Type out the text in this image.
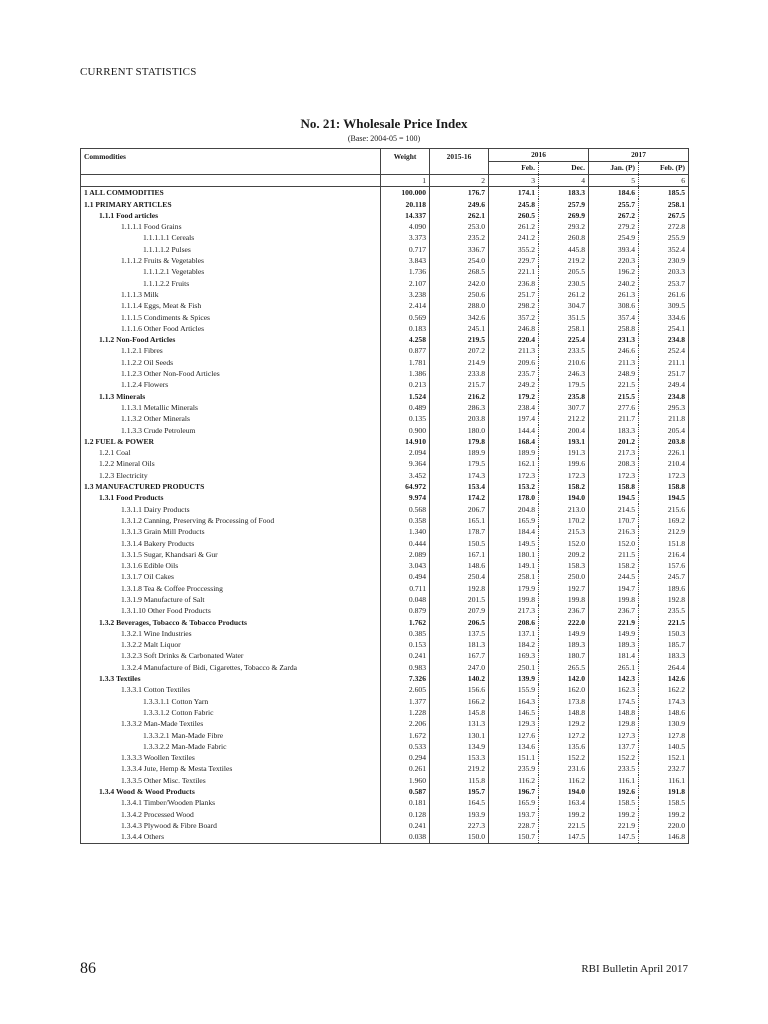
CURRENT STATISTICS
No. 21: Wholesale Price Index
(Base: 2004-05 = 100)
Commodities	Weight	2015-16	2016		2017	
			Feb.	Dec.	Jan. (P)	Feb. (P)
	1	2	3	4	5	6
1 ALL COMMODITIES	100.000	176.7	174.1	183.3	184.6	185.5
1.1 PRIMARY ARTICLES	20.118	249.6	245.8	257.9	255.7	258.1
1.1.1 Food articles	14.337	262.1	260.5	269.9	267.2	267.5
1.1.1.1 Food Grains	4.090	253.0	261.2	293.2	279.2	272.8
1.1.1.1.1 Cereals	3.373	235.2	241.2	260.8	254.9	255.9
1.1.1.1.2 Pulses	0.717	336.7	355.2	445.8	393.4	352.4
1.1.1.2 Fruits & Vegetables	3.843	254.0	229.7	219.2	220.3	230.9
1.1.1.2.1 Vegetables	1.736	268.5	221.1	205.5	196.2	203.3
1.1.1.2.2 Fruits	2.107	242.0	236.8	230.5	240.2	253.7
1.1.1.3 Milk	3.238	250.6	251.7	261.2	261.3	261.6
1.1.1.4 Eggs, Meat & Fish	2.414	288.0	298.2	304.7	308.6	309.5
1.1.1.5 Condiments & Spices	0.569	342.6	357.2	351.5	357.4	334.6
1.1.1.6 Other Food Articles	0.183	245.1	246.8	258.1	258.8	254.1
1.1.2 Non-Food Articles	4.258	219.5	220.4	225.4	231.3	234.8
1.1.2.1 Fibres	0.877	207.2	211.3	233.5	246.6	252.4
1.1.2.2 Oil Seeds	1.781	214.9	209.6	210.6	211.3	211.1
1.1.2.3 Other Non-Food Articles	1.386	233.8	235.7	246.3	248.9	251.7
1.1.2.4 Flowers	0.213	215.7	249.2	179.5	221.5	249.4
1.1.3 Minerals	1.524	216.2	179.2	235.8	215.5	234.8
1.1.3.1 Metallic Minerals	0.489	286.3	238.4	307.7	277.6	295.3
1.1.3.2 Other Minerals	0.135	203.8	197.4	212.2	211.7	211.8
1.1.3.3 Crude Petroleum	0.900	180.0	144.4	200.4	183.3	205.4
1.2 FUEL & POWER	14.910	179.8	168.4	193.1	201.2	203.8
1.2.1 Coal	2.094	189.9	189.9	191.3	217.3	226.1
1.2.2 Mineral Oils	9.364	179.5	162.1	199.6	208.3	210.4
1.2.3 Electricity	3.452	174.3	172.3	172.3	172.3	172.3
1.3 MANUFACTURED PRODUCTS	64.972	153.4	153.2	158.2	158.8	158.8
1.3.1 Food Products	9.974	174.2	178.0	194.0	194.5	194.5
1.3.1.1 Dairy Products	0.568	206.7	204.8	213.0	214.5	215.6
1.3.1.2 Canning, Preserving & Processing of Food	0.358	165.1	165.9	170.2	170.7	169.2
1.3.1.3 Grain Mill Products	1.340	178.7	184.4	215.3	216.3	212.9
1.3.1.4 Bakery Products	0.444	150.5	149.5	152.0	152.0	151.8
1.3.1.5 Sugar, Khandsari & Gur	2.089	167.1	180.1	209.2	211.5	216.4
1.3.1.6 Edible Oils	3.043	148.6	149.1	158.3	158.2	157.6
1.3.1.7 Oil Cakes	0.494	250.4	258.1	250.0	244.5	245.7
1.3.1.8 Tea & Coffee Proccessing	0.711	192.8	179.9	192.7	194.7	189.6
1.3.1.9 Manufacture of Salt	0.048	201.5	199.8	199.8	199.8	192.8
1.3.1.10 Other Food Products	0.879	207.9	217.3	236.7	236.7	235.5
1.3.2 Beverages, Tobacco & Tobacco Products	1.762	206.5	208.6	222.0	221.9	221.5
1.3.2.1 Wine Industries	0.385	137.5	137.1	149.9	149.9	150.3
1.3.2.2 Malt Liquor	0.153	181.3	184.2	189.3	189.3	185.7
1.3.2.3 Soft Drinks & Carbonated Water	0.241	167.7	169.3	180.7	181.4	183.3
1.3.2.4 Manufacture of Bidi, Cigarettes, Tobacco & Zarda	0.983	247.0	250.1	265.5	265.1	264.4
1.3.3 Textiles	7.326	140.2	139.9	142.0	142.3	142.6
1.3.3.1 Cotton Textiles	2.605	156.6	155.9	162.0	162.3	162.2
1.3.3.1.1 Cotton Yarn	1.377	166.2	164.3	173.8	174.5	174.3
1.3.3.1.2 Cotton Fabric	1.228	145.8	146.5	148.8	148.8	148.6
1.3.3.2 Man-Made Textiles	2.206	131.3	129.3	129.2	129.8	130.9
1.3.3.2.1 Man-Made Fibre	1.672	130.1	127.6	127.2	127.3	127.8
1.3.3.2.2 Man-Made Fabric	0.533	134.9	134.6	135.6	137.7	140.5
1.3.3.3 Woollen Textiles	0.294	153.3	151.1	152.2	152.2	152.1
1.3.3.4 Jute, Hemp & Mesta Textiles	0.261	219.2	235.9	231.6	233.5	232.7
1.3.3.5 Other Misc. Textiles	1.960	115.8	116.2	116.2	116.1	116.1
1.3.4 Wood & Wood Products	0.587	195.7	196.7	194.0	192.6	191.8
1.3.4.1 Timber/Wooden Planks	0.181	164.5	165.9	163.4	158.5	158.5
1.3.4.2 Processed Wood	0.128	193.9	193.7	199.2	199.2	199.2
1.3.4.3 Plywood & Fibre Board	0.241	227.3	228.7	221.5	221.9	220.0
1.3.4.4 Others	0.038	150.0	150.7	147.5	147.5	146.8
86	RBI Bulletin April 2017
